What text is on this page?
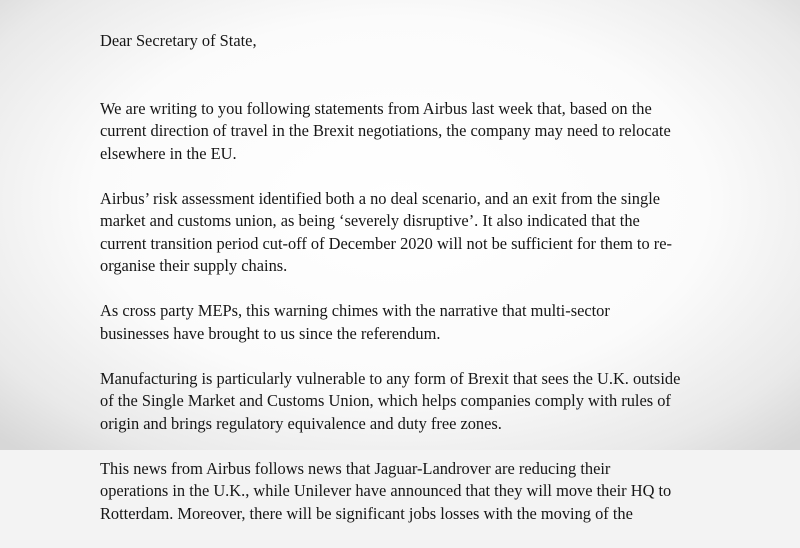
Dear Secretary of State,

We are writing to you following statements from Airbus last week that, based on the
current direction of travel in the Brexit negotiations, the company may need to relocate
elsewhere in the EU.

Airbus’ risk assessment identified both a no deal scenario, and an exit from the single
market and customs union, as being ‘severely disruptive’. It also indicated that the
current transition period cut-off of December 2020 will not be sufficient for them to re-
organise their supply chains.

As cross party MEPs, this warning chimes with the narrative that multi-sector
businesses have brought to us since the referendum.

Manufacturing is particularly vulnerable to any form of Brexit that sees the U.K. outside
of the Single Market and Customs Union, which helps companies comply with rules of
origin and brings regulatory equivalence and duty free zones.

This news from Airbus follows news that Jaguar-Landrover are reducing their
operations in the U.K., while Unilever have announced that they will move their HQ to
Rotterdam. Moreover, there will be significant jobs losses with the moving of the
